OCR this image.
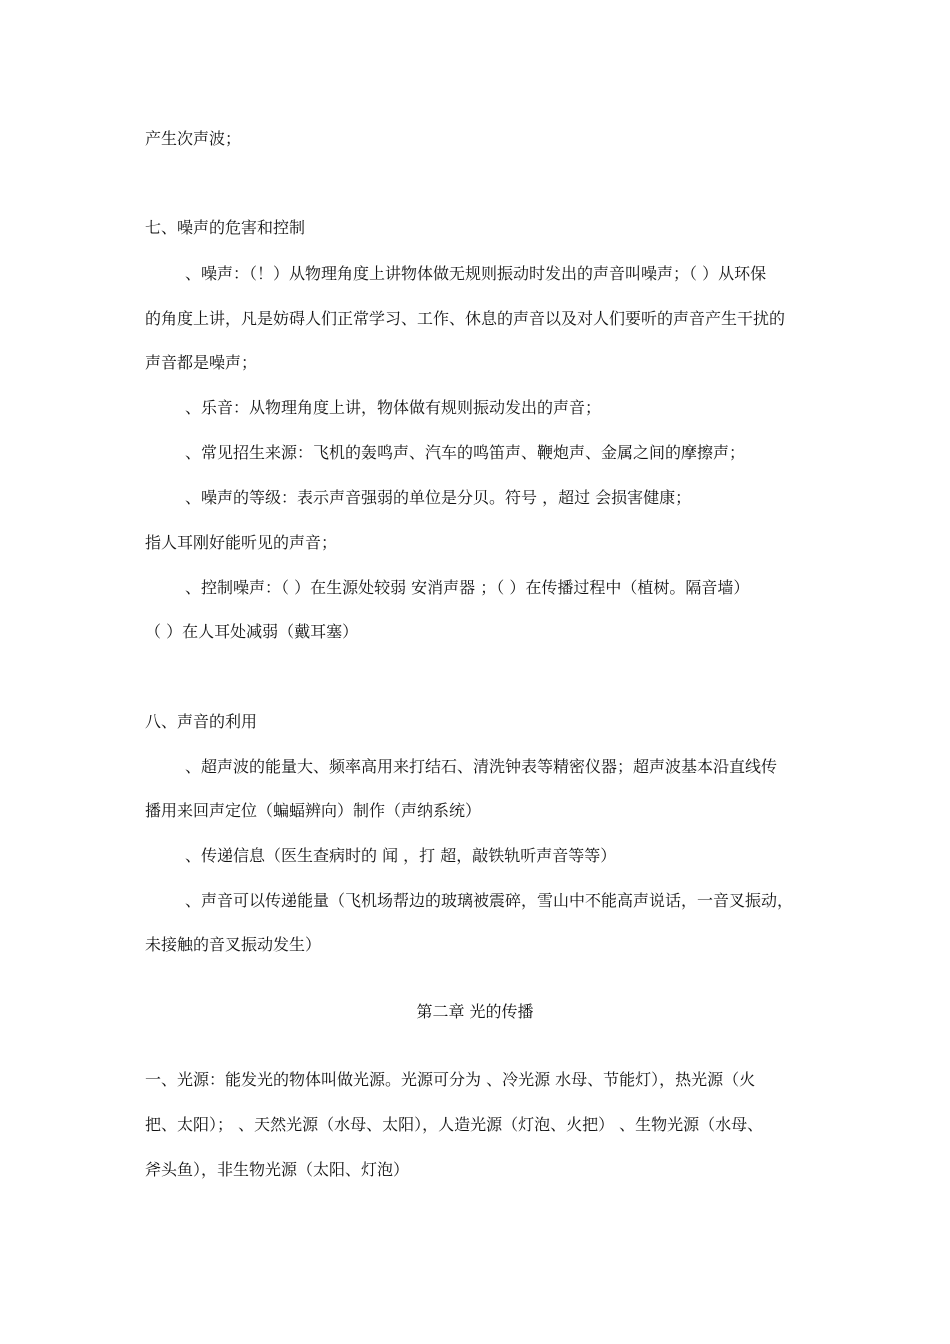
产生次声波；
七、噪声的危害和控制
、噪声：（！）从物理角度上讲物体做无规则振动时发出的声音叫噪声；（ ）从环保
的角度上讲，凡是妨碍人们正常学习、工作、休息的声音以及对人们要听的声音产生干扰的
声音都是噪声；
、乐音：从物理角度上讲，物体做有规则振动发出的声音；
、常见招生来源：飞机的轰鸣声、汽车的鸣笛声、鞭炮声、金属之间的摩擦声；
、噪声的等级：表示声音强弱的单位是分贝。符号 ，超过 会损害健康；
指人耳刚好能听见的声音；
、控制噪声：（ ）在生源处较弱 安消声器 ；（ ）在传播过程中（植树。隔音墙）
（ ）在人耳处减弱（戴耳塞）
八、声音的利用
、超声波的能量大、频率高用来打结石、清洗钟表等精密仪器；超声波基本沿直线传
播用来回声定位（蝙蝠辨向）制作（声纳系统）
、传递信息（医生查病时的 闻 ，打 超，敲铁轨听声音等等）
、声音可以传递能量（飞机场帮边的玻璃被震碎，雪山中不能高声说话，一音叉振动，
未接触的音叉振动发生）
第二章 光的传播
一、光源：能发光的物体叫做光源。光源可分为 、冷光源 水母、节能灯），热光源（火
把、太阳）； 、天然光源（水母、太阳），人造光源（灯泡、火把） 、生物光源（水母、
斧头鱼），非生物光源（太阳、灯泡）
